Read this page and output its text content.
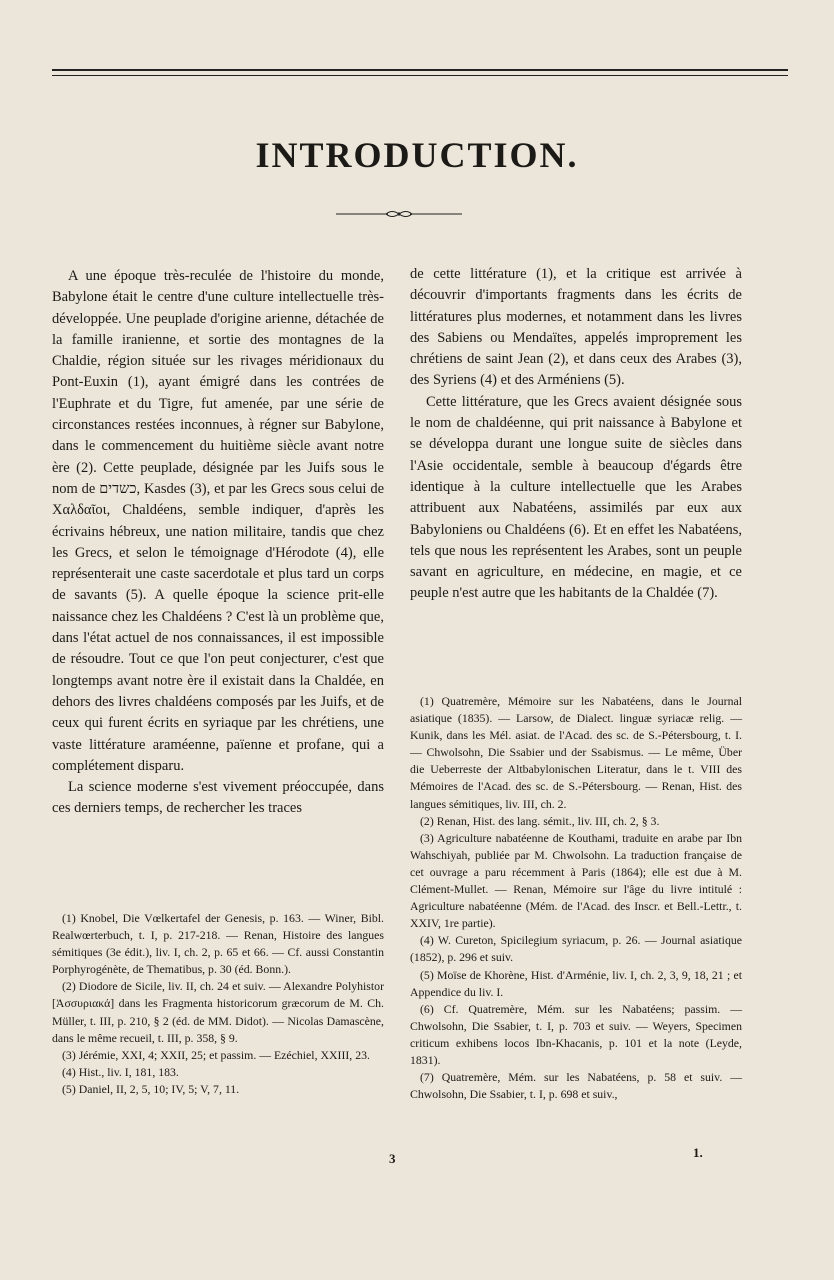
INTRODUCTION.

A une époque très-reculée de l'histoire du monde, Babylone était le centre d'une culture intellectuelle très-développée. Une peuplade d'origine arienne, détachée de la famille iranienne, et sortie des montagnes de la Chaldie, région située sur les rivages méridionaux du Pont-Euxin (1), ayant émigré dans les contrées de l'Euphrate et du Tigre, fut amenée, par une série de circonstances restées inconnues, à régner sur Babylone, dans le commencement du huitième siècle avant notre ère (2). Cette peuplade, désignée par les Juifs sous le nom de כשדים, Kasdes (3), et par les Grecs sous celui de Χαλδαῖοι, Chaldéens, semble indiquer, d'après les écrivains hébreux, une nation militaire, tandis que chez les Grecs, et selon le témoignage d'Hérodote (4), elle représenterait une caste sacerdotale et plus tard un corps de savants (5). A quelle époque la science prit-elle naissance chez les Chaldéens ? C'est là un problème que, dans l'état actuel de nos connaissances, il est impossible de résoudre. Tout ce que l'on peut conjecturer, c'est que longtemps avant notre ère il existait dans la Chaldée, en dehors des livres chaldéens composés par les Juifs, et de ceux qui furent écrits en syriaque par les chrétiens, une vaste littérature araméenne, païenne et profane, qui a complétement disparu.

La science moderne s'est vivement préoccupée, dans ces derniers temps, de rechercher les traces

(1) Knobel, Die Vœlkertafel der Genesis, p. 163. — Winer, Bibl. Realwœrterbuch, t. I, p. 217-218. — Renan, Histoire des langues sémitiques (3e édit.), liv. I, ch. 2, p. 65 et 66. — Cf. aussi Constantin Porphyrogénète, de Thematibus, p. 30 (éd. Bonn.).

(2) Diodore de Sicile, liv. II, ch. 24 et suiv. — Alexandre Polyhistor [Ἀσσυριακά] dans les Fragmenta historicorum græcorum de M. Ch. Müller, t. III, p. 210, § 2 (éd. de MM. Didot). — Nicolas Damascène, dans le même recueil, t. III, p. 358, § 9.

(3) Jérémie, XXI, 4; XXII, 25; et passim. — Ezéchiel, XXIII, 23.

(4) Hist., liv. I, 181, 183.

(5) Daniel, II, 2, 5, 10; IV, 5; V, 7, 11.

de cette littérature (1), et la critique est arrivée à découvrir d'importants fragments dans les écrits de littératures plus modernes, et notamment dans les livres des Sabiens ou Mendaïtes, appelés improprement les chrétiens de saint Jean (2), et dans ceux des Arabes (3), des Syriens (4) et des Arméniens (5).

Cette littérature, que les Grecs avaient désignée sous le nom de chaldéenne, qui prit naissance à Babylone et se développa durant une longue suite de siècles dans l'Asie occidentale, semble à beaucoup d'égards être identique à la culture intellectuelle que les Arabes attribuent aux Nabatéens, assimilés par eux aux Babyloniens ou Chaldéens (6). Et en effet les Nabatéens, tels que nous les représentent les Arabes, sont un peuple savant en agriculture, en médecine, en magie, et ce peuple n'est autre que les habitants de la Chaldée (7).

(1) Quatremère, Mémoire sur les Nabatéens, dans le Journal asiatique (1835). — Larsow, de Dialect. linguæ syriacæ relig. — Kunik, dans les Mél. asiat. de l'Acad. des sc. de S.-Pétersbourg, t. I. — Chwolsohn, Die Ssabier und der Ssabismus. — Le même, Über die Ueberreste der Altbabylonischen Literatur, dans le t. VIII des Mémoires de l'Acad. des sc. de S.-Pétersbourg. — Renan, Hist. des langues sémitiques, liv. III, ch. 2.

(2) Renan, Hist. des lang. sémit., liv. III, ch. 2, § 3.

(3) Agriculture nabatéenne de Kouthami, traduite en arabe par Ibn Wahschiyah, publiée par M. Chwolsohn. La traduction française de cet ouvrage a paru récemment à Paris (1864); elle est due à M. Clément-Mullet. — Renan, Mémoire sur l'âge du livre intitulé : Agriculture nabatéenne (Mém. de l'Acad. des Inscr. et Bell.-Lettr., t. XXIV, 1re partie).

(4) W. Cureton, Spicilegium syriacum, p. 26. — Journal asiatique (1852), p. 296 et suiv.

(5) Moïse de Khorène, Hist. d'Arménie, liv. I, ch. 2, 3, 9, 18, 21 ; et Appendice du liv. I.

(6) Cf. Quatremère, Mém. sur les Nabatéens; passim. — Chwolsohn, Die Ssabier, t. I, p. 703 et suiv. — Weyers, Specimen criticum exhibens locos Ibn-Khacanis, p. 101 et la note (Leyde, 1831).

(7) Quatremère, Mém. sur les Nabatéens, p. 58 et suiv. — Chwolsohn, Die Ssabier, t. I, p. 698 et suiv.,

3	1.
